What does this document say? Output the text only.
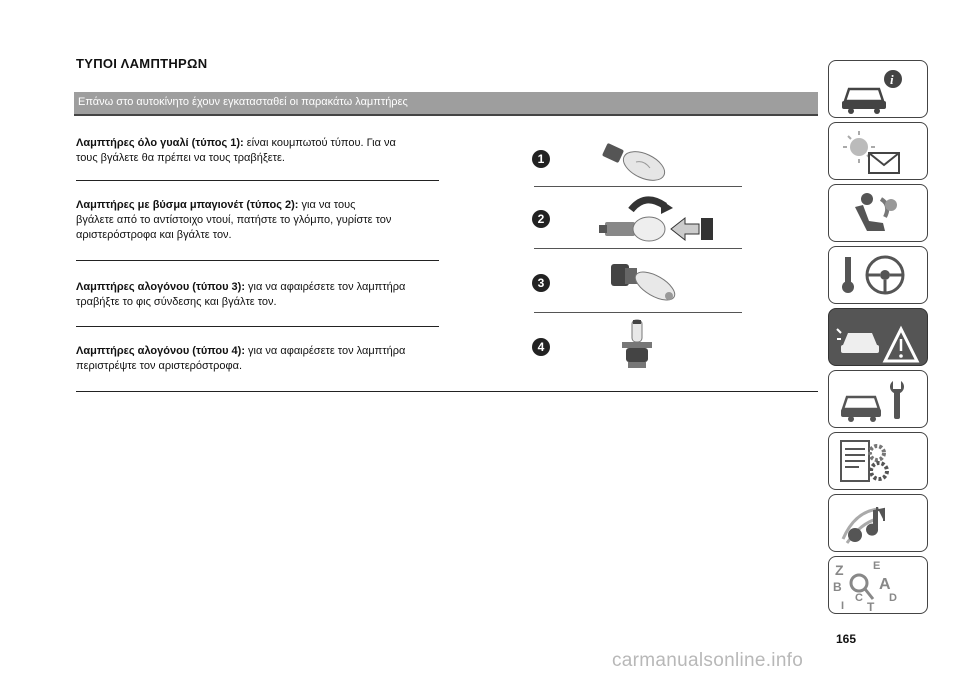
ΤΥΠΟΙ ΛΑΜΠΤΗΡΩΝ
Επάνω στο αυτοκίνητο έχουν εγκατασταθεί οι παρακάτω λαμπτήρες
Λαμπτήρες όλο γυαλί (τύπος 1): είναι κουμπωτού τύπου. Για να
τους βγάλετε θα πρέπει να τους τραβήξετε.
Λαμπτήρες με βύσμα μπαγιονέτ (τύπος 2): για να τους
βγάλετε από το αντίστοιχο ντουί, πατήστε το γλόμπο, γυρίστε τον
αριστερόστροφα και βγάλτε τον.
Λαμπτήρες αλογόνου (τύπου 3): για να αφαιρέσετε τον λαμπτήρα
τραβήξτε το φις σύνδεσης και βγάλτε τον.
Λαμπτήρες αλογόνου (τύπου 4): για να αφαιρέσετε τον λαμπτήρα
περιστρέψτε τον αριστερόστροφα.
1
2
3
4
i
Z	E
B A
C D
I T
165
carmanualsonline.info
